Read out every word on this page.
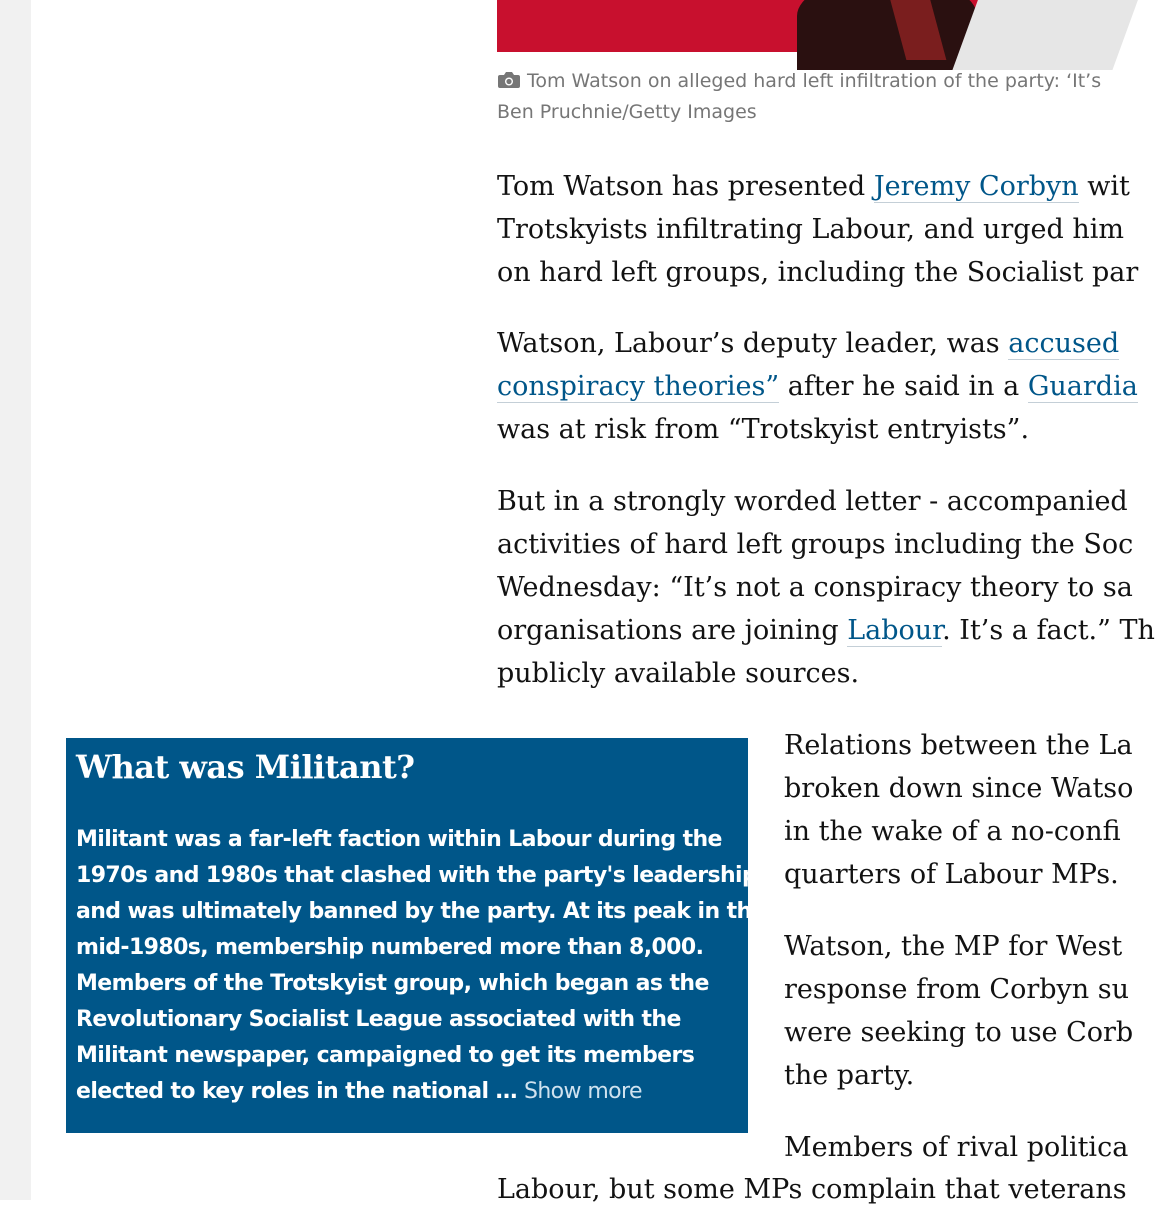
Tom Watson on alleged hard left infiltration of the party: ‘It’s
Ben Pruchnie/Getty Images

Tom Watson has presented Jeremy Corbyn wit
Trotskyists infiltrating Labour, and urged him
on hard left groups, including the Socialist par

Watson, Labour’s deputy leader, was accused
conspiracy theories” after he said in a Guardia
was at risk from “Trotskyist entryists”.

But in a strongly worded letter - accompanied
activities of hard left groups including the Soc
Wednesday: “It’s not a conspiracy theory to sa
organisations are joining Labour. It’s a fact.” Th
publicly available sources.

What was Militant?
Militant was a far-left faction within Labour during the
1970s and 1980s that clashed with the party's leadership
and was ultimately banned by the party. At its peak in the
mid-1980s, membership numbered more than 8,000.
Members of the Trotskyist group, which began as the
Revolutionary Socialist League associated with the
Militant newspaper, campaigned to get its members
elected to key roles in the national … Show more

Relations between the La
broken down since Watso
in the wake of a no-confi
quarters of Labour MPs.

Watson, the MP for West
response from Corbyn su
were seeking to use Corb
the party.

Members of rival politica

Labour, but some MPs complain that veterans
